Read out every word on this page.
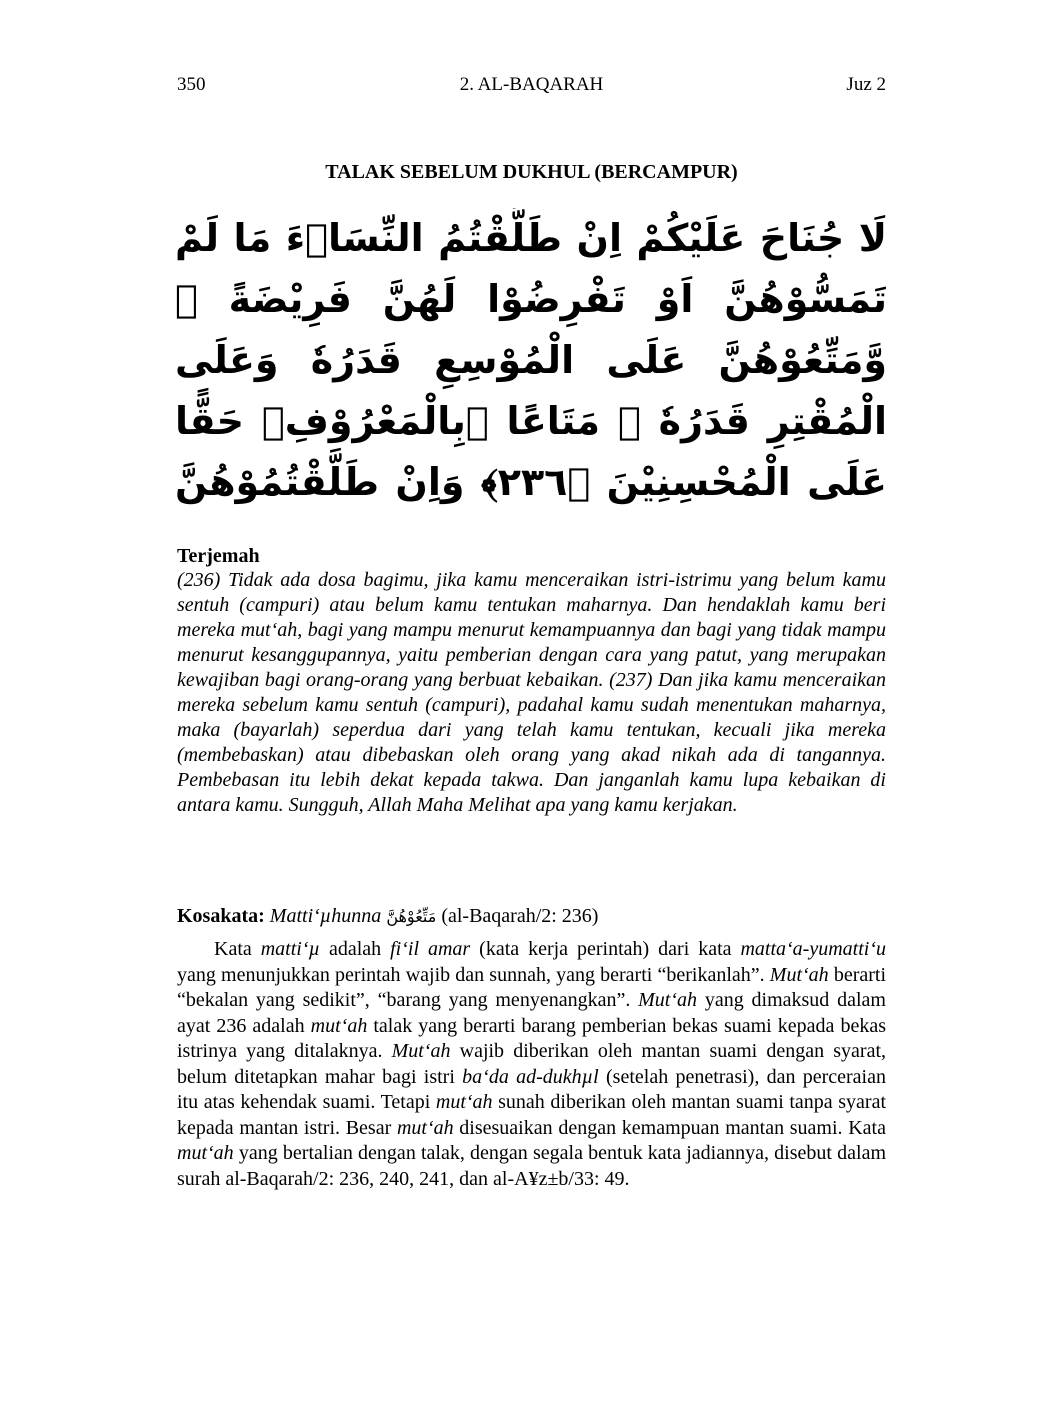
350	2. AL-BAQARAH	Juz 2
TALAK SEBELUM DUKHUL (BERCAMPUR)
لَا جُنَاحَ عَلَيْكُمْ اِنْ طَلَّقْتُمُ النِّسَاۤءَ مَا لَمْ تَمَسُّوْهُنَّ اَوْ تَفْرِضُوْا لَهُنَّ فَرِيْضَةً ۖ وَّمَتِّعُوْهُنَّ عَلَى الْمُوْسِعِ قَدَرُهٗ وَعَلَى الْمُقْتِرِ قَدَرُهٗ ۚ مَتَاعًا ۢبِالْمَعْرُوْفِۚ حَقًّا عَلَى الْمُحْسِنِيْنَ ﴿٢٣٦﴾ وَاِنْ طَلَّقْتُمُوْهُنَّ
Terjemah
(236) Tidak ada dosa bagimu, jika kamu menceraikan istri-istrimu yang belum kamu sentuh (campuri) atau belum kamu tentukan maharnya. Dan hendaklah kamu beri mereka mut‘ah, bagi yang mampu menurut kemampuannya dan bagi yang tidak mampu menurut kesanggupannya, yaitu pemberian dengan cara yang patut, yang merupakan kewajiban bagi orang-orang yang berbuat kebaikan. (237) Dan jika kamu menceraikan mereka sebelum kamu sentuh (campuri), padahal kamu sudah menentukan maharnya, maka (bayarlah) seperdua dari yang telah kamu tentukan, kecuali jika mereka (membebaskan) atau dibebaskan oleh orang yang akad nikah ada di tangannya. Pembebasan itu lebih dekat kepada takwa. Dan janganlah kamu lupa kebaikan di antara kamu. Sungguh, Allah Maha Melihat apa yang kamu kerjakan.
Kosakata: Matti‘µhunna مَتِّعُوْهُنَّ (al-Baqarah/2: 236)

Kata matti‘µ adalah fi‘il amar (kata kerja perintah) dari kata matta‘a-yumatti‘u yang menunjukkan perintah wajib dan sunnah, yang berarti “berikanlah”. Mut‘ah berarti “bekalan yang sedikit”, “barang yang menyenangkan”. Mut‘ah yang dimaksud dalam ayat 236 adalah mut‘ah talak yang berarti barang pemberian bekas suami kepada bekas istrinya yang ditalaknya. Mut‘ah wajib diberikan oleh mantan suami dengan syarat, belum ditetapkan mahar bagi istri ba‘da ad-dukhµl (setelah penetrasi), dan perceraian itu atas kehendak suami. Tetapi mut‘ah sunah diberikan oleh mantan suami tanpa syarat kepada mantan istri. Besar mut‘ah disesuaikan dengan kemampuan mantan suami. Kata mut‘ah yang bertalian dengan talak, dengan segala bentuk kata jadiannya, disebut dalam surah al-Baqarah/2: 236, 240, 241, dan al-A¥z±b/33: 49.
